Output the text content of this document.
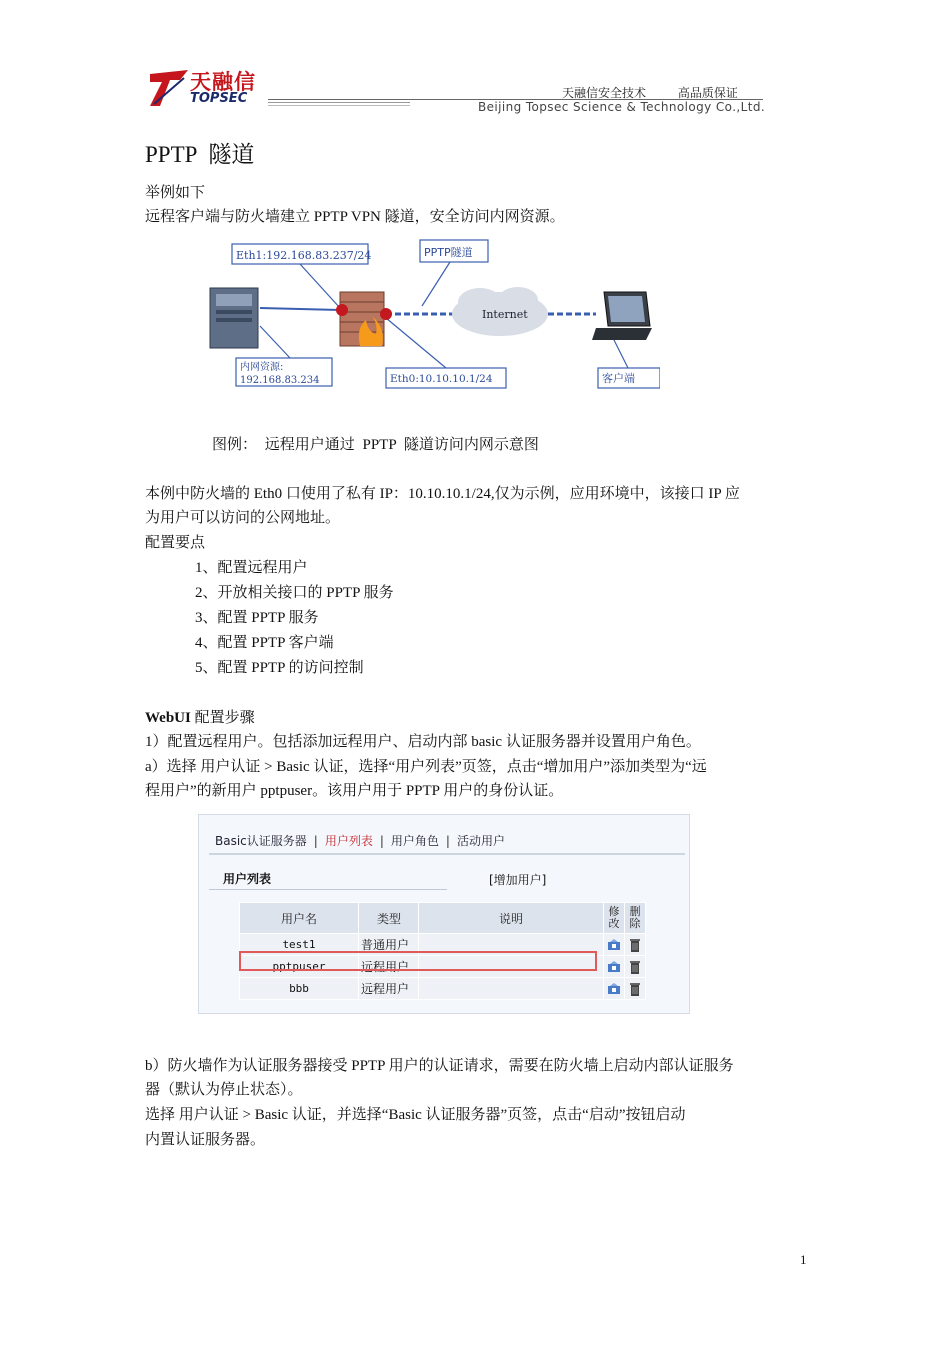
天融信
TOPSEC	天融信安全技术 高品质保证
Beijing Topsec Science & Technology Co.,Ltd.
PPTP 隧道
举例如下
远程客户端与防火墙建立 PPTP VPN 隧道，安全访问内网资源。
Eth1:192.168.83.237/24	PPTP隧道
内网资源:
192.168.83.234	Eth0:10.10.10.1/24	客户端
Internet
图例： 远程用户通过 PPTP 隧道访问内网示意图
本例中防火墙的 Eth0 口使用了私有 IP：10.10.10.1/24,仅为示例，应用环境中，该接口 IP 应
为用户可以访问的公网地址。
配置要点
1、配置远程用户
2、开放相关接口的 PPTP 服务
3、配置 PPTP 服务
4、配置 PPTP 客户端
5、配置 PPTP 的访问控制
WebUI 配置步骤
1）配置远程用户。包括添加远程用户、启动内部 basic 认证服务器并设置用户角色。
a）选择 用户认证 > Basic 认证，选择“用户列表”页签，点击“增加用户”添加类型为“远
程用户”的新用户 pptpuser。该用户用于 PPTP 用户的身份认证。
Basic认证服务器 | 用户列表 | 用户角色 | 活动用户
用户列表	[增加用户]
用户名	类型	说明	修改	删除
test1	普通用户			
pptpuser	远程用户			
bbb	远程用户			
b）防火墙作为认证服务器接受 PPTP 用户的认证请求，需要在防火墙上启动内部认证服务
器（默认为停止状态）。
选择 用户认证 > Basic 认证，并选择“Basic 认证服务器”页签，点击“启动”按钮启动
内置认证服务器。
1
